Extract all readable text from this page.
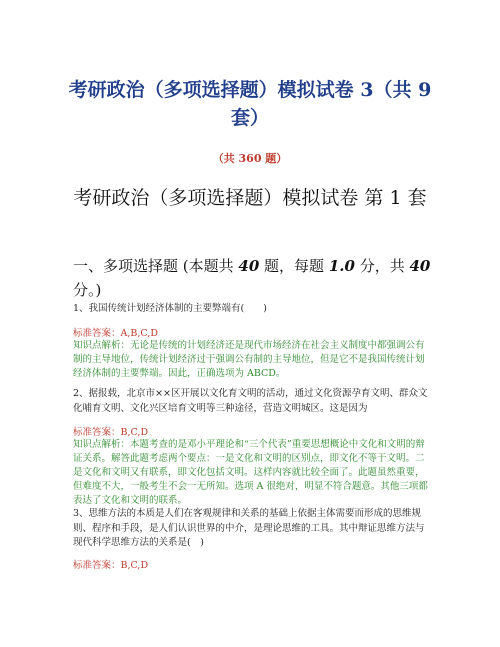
考研政治（多项选择题）模拟试卷 3（共 9 套）
（共 360 题）
考研政治（多项选择题）模拟试卷 第 1 套
一、多项选择题 (本题共 40 题，每题 1.0 分，共 40 分。)
1、我国传统计划经济体制的主要弊端有(　　)
标准答案：A,B,C,D
知识点解析：无论是传统的计划经济还是现代市场经济在社会主义制度中都强调公有制的主导地位，传统计划经济过于强调公有制的主导地位，但是它不是我国传统计划经济体制的主要弊端。因此，正确选项为 ABCD。
2、据报载，北京市××区开展以文化育文明的活动，通过文化资源孕育文明、群众文化哺育文明、文化兴区培育文明等三种途径，营造文明城区。这是因为
标准答案：B,C,D
知识点解析：本题考查的是邓小平理论和“三个代表”重要思想概论中文化和文明的辩证关系。解答此题考虑两个要点：一是文化和文明的区别点，即文化不等于文明。二是文化和文明又有联系，即文化包括文明。这样内容就比较全面了。此题虽然重要，但难度不大，一般考生不会一无所知。选项 A 很绝对，明显不符合题意。其他三项都表达了文化和文明的联系。
3、思维方法的本质是人们在客观规律和关系的基础上依据主体需要而形成的思维规则、程序和手段，是人们认识世界的中介，是理论思维的工具。其中辩证思维方法与现代科学思维方法的关系是(　)
标准答案：B,C,D
